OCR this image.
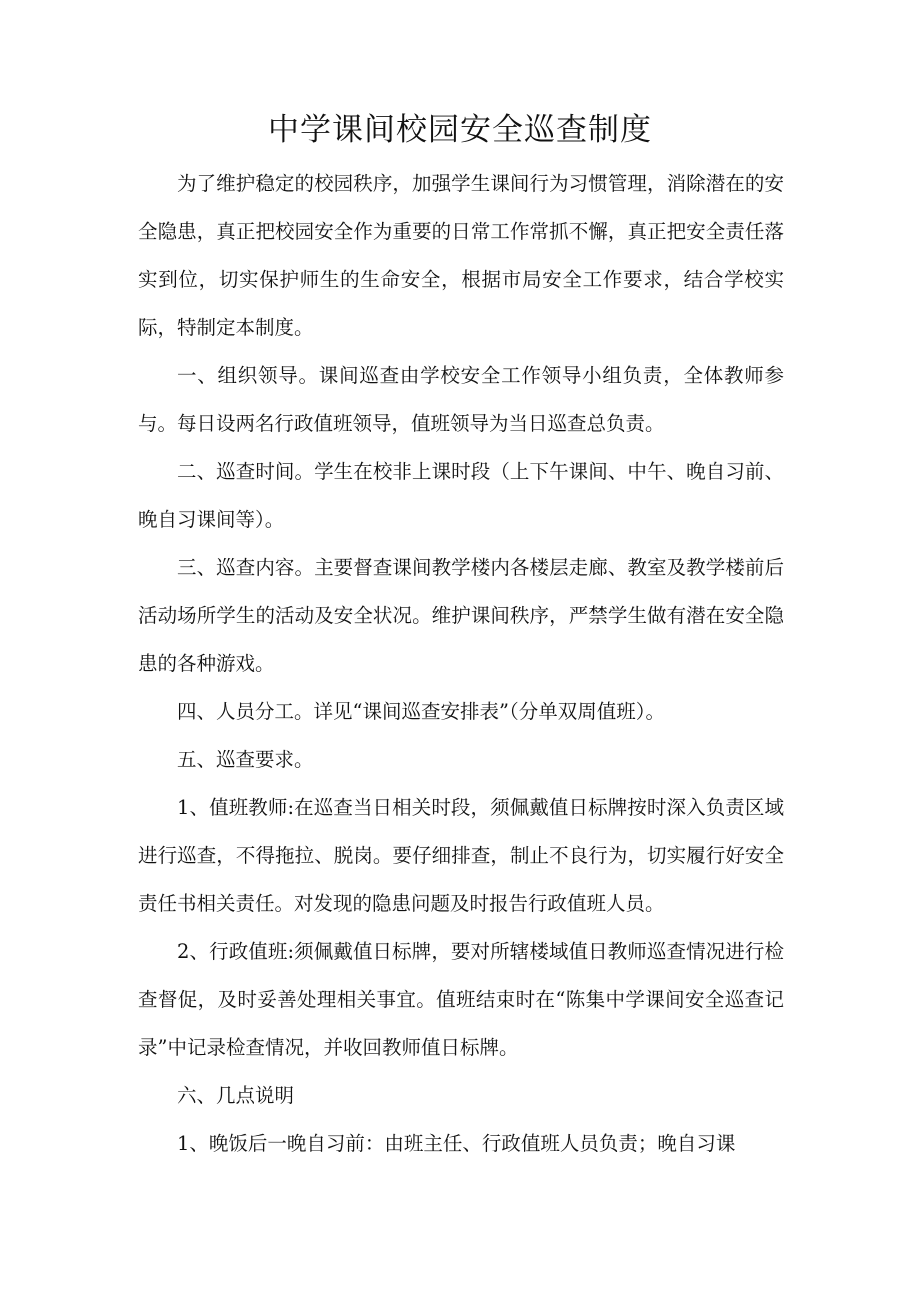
中学课间校园安全巡查制度

为了维护稳定的校园秩序，加强学生课间行为习惯管理，消除潜在的安全隐患，真正把校园安全作为重要的日常工作常抓不懈，真正把安全责任落实到位，切实保护师生的生命安全，根据市局安全工作要求，结合学校实际，特制定本制度。

一、组织领导。课间巡查由学校安全工作领导小组负责，全体教师参与。每日设两名行政值班领导，值班领导为当日巡查总负责。

二、巡查时间。学生在校非上课时段（上下午课间、中午、晚自习前、晚自习课间等）。

三、巡查内容。主要督查课间教学楼内各楼层走廊、教室及教学楼前后活动场所学生的活动及安全状况。维护课间秩序，严禁学生做有潜在安全隐患的各种游戏。

四、人员分工。详见“课间巡查安排表”（分单双周值班）。

五、巡查要求。

1、值班教师:在巡查当日相关时段，须佩戴值日标牌按时深入负责区域进行巡查，不得拖拉、脱岗。要仔细排查，制止不良行为，切实履行好安全责任书相关责任。对发现的隐患问题及时报告行政值班人员。

2、行政值班:须佩戴值日标牌，要对所辖楼域值日教师巡查情况进行检查督促，及时妥善处理相关事宜。值班结束时在“陈集中学课间安全巡查记录”中记录检查情况，并收回教师值日标牌。

六、几点说明

1、晚饭后一晚自习前：由班主任、行政值班人员负责；晚自习课
